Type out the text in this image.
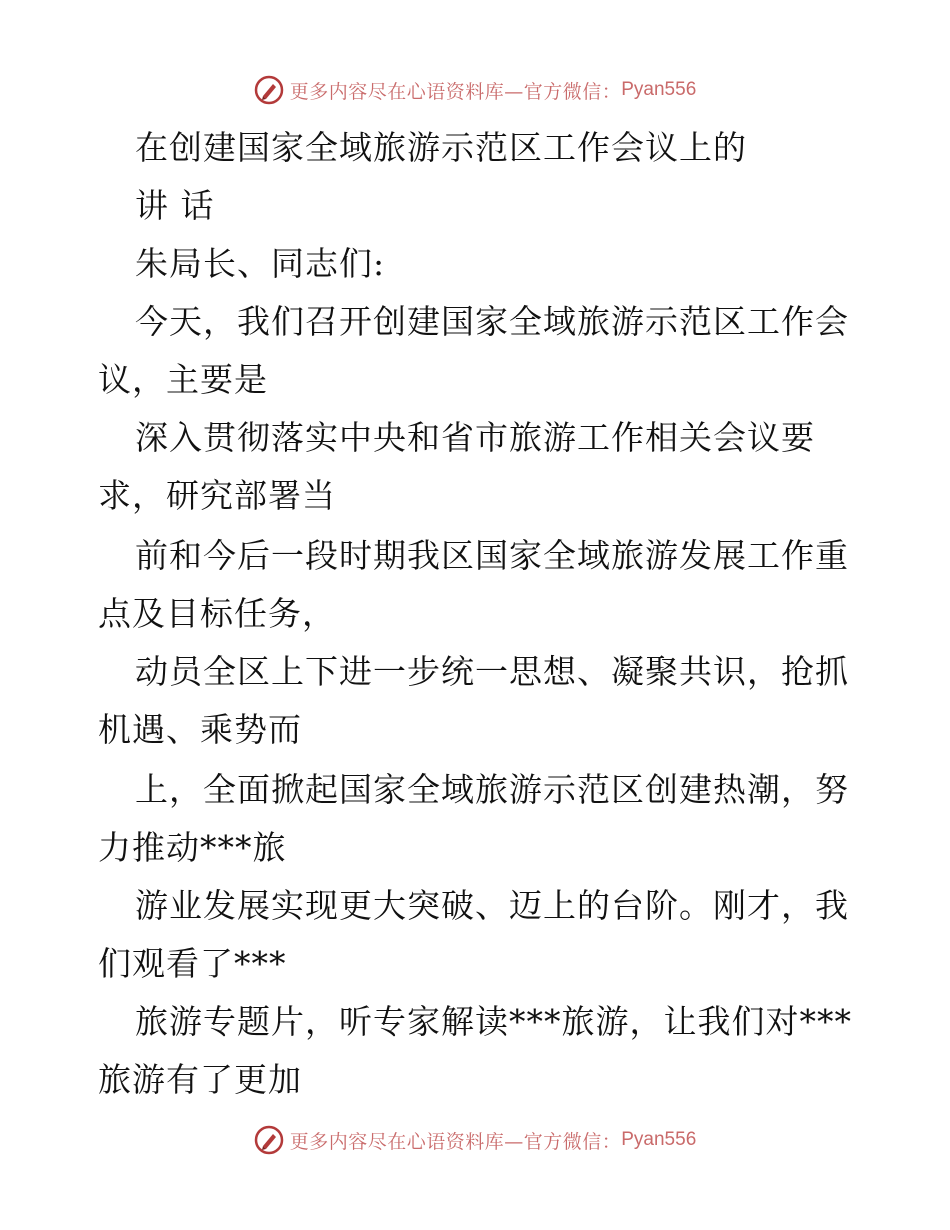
更多内容尽在心语资料库—官方微信： Pyan556
在创建国家全域旅游示范区工作会议上的
讲 话
朱局长、同志们:
今天，我们召开创建国家全域旅游示范区工作会
议，主要是
深入贯彻落实中央和省市旅游工作相关会议要
求，研究部署当
前和今后一段时期我区国家全域旅游发展工作重
点及目标任务，
动员全区上下进一步统一思想、凝聚共识，抢抓
机遇、乘势而
上，全面掀起国家全域旅游示范区创建热潮，努
力推动***旅
游业发展实现更大突破、迈上的台阶。刚才，我
们观看了***
旅游专题片，听专家解读***旅游，让我们对***
旅游有了更加
更多内容尽在心语资料库—官方微信： Pyan556
